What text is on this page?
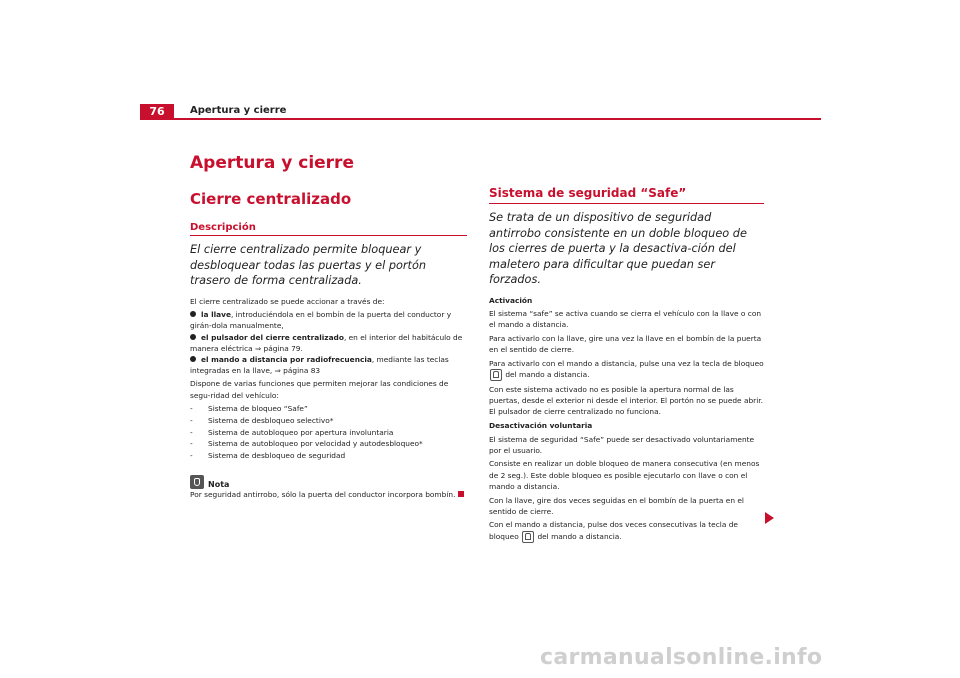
76	Apertura y cierre
Apertura y cierre
Cierre centralizado
Descripción

El cierre centralizado permite bloquear y desbloquear todas las puertas y el portón trasero de forma centralizada.

El cierre centralizado se puede accionar a través de:

la llave, introduciéndola en el bombín de la puerta del conductor y girán-dola manualmente,

el pulsador del cierre centralizado, en el interior del habitáculo de manera eléctrica ⇒ página 79.

el mando a distancia por radiofrecuencia, mediante las teclas integradas en la llave, ⇒ página 83

Dispone de varias funciones que permiten mejorar las condiciones de segu-ridad del vehículo:

- Sistema de bloqueo “Safe”

- Sistema de desbloqueo selectivo*

- Sistema de autobloqueo por apertura involuntaria

- Sistema de autobloqueo por velocidad y autodesbloqueo*

- Sistema de desbloqueo de seguridad

Nota

Por seguridad antirrobo, sólo la puerta del conductor incorpora bombín.

Sistema de seguridad “Safe”

Se trata de un dispositivo de seguridad antirrobo consistente en un doble bloqueo de los cierres de puerta y la desactiva-ción del maletero para dificultar que puedan ser forzados.

Activación

El sistema “safe” se activa cuando se cierra el vehículo con la llave o con el mando a distancia.

Para activarlo con la llave, gire una vez la llave en el bombín de la puerta en el sentido de cierre.

Para activarlo con el mando a distancia, pulse una vez la tecla de bloqueo  del mando a distancia.

Con este sistema activado no es posible la apertura normal de las puertas, desde el exterior ni desde el interior. El portón no se puede abrir. El pulsador de cierre centralizado no funciona.

Desactivación voluntaria

El sistema de seguridad “Safe” puede ser desactivado voluntariamente por el usuario.

Consiste en realizar un doble bloqueo de manera consecutiva (en menos de 2 seg.). Este doble bloqueo es posible ejecutarlo con llave o con el mando a distancia.

Con la llave, gire dos veces seguidas en el bombín de la puerta en el sentido de cierre.

Con el mando a distancia, pulse dos veces consecutivas la tecla de bloqueo	del mando a distancia.

carmanualsonline.info
